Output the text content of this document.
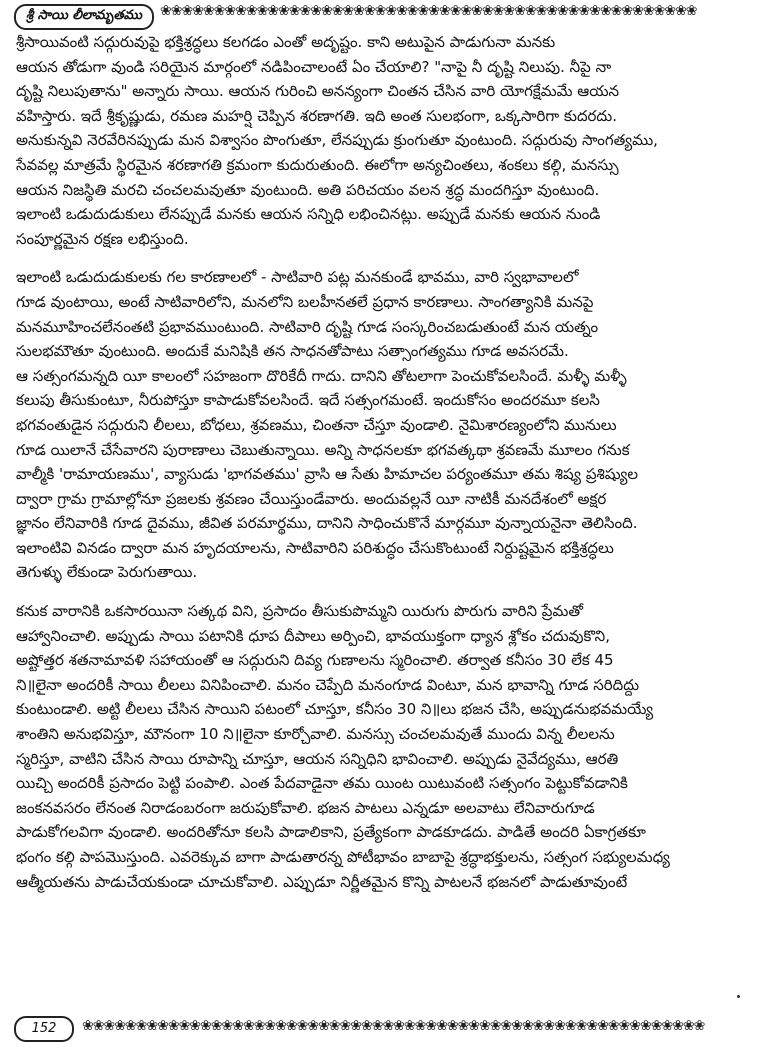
శ్రీ సాయి లీలామృతము	❀❀❀❀❀❀❀❀❀❀❀❀❀❀❀❀❀❀❀❀❀❀❀❀❀❀❀❀❀❀❀❀❀❀❀❀❀❀❀❀❀❀❀❀❀❀❀❀❀❀
శ్రీసాయివంటి సద్గురువుపై భక్తిశ్రద్ధలు కలగడం ఎంతో అదృష్టం. కాని అటుపైన పాడుగునా మనకు
ఆయన తోడుగా వుండి సరియైన మార్గంలో నడిపించాలంటే ఏం చేయాలి? "నాపై నీ దృష్టి నిలుపు. నీపై నా
దృష్టి నిలుపుతాను" అన్నారు సాయి. ఆయన గురించి అనన్యంగా చింతన చేసిన వారి యోగక్షేమమే ఆయన
వహిస్తారు. ఇదే శ్రీకృష్ణుడు, రమణ మహర్షి చెప్పిన శరణాగతి. ఇది అంత సులభంగా, ఒక్కసారిగా కుదరదు.
అనుకున్నవి నెరవేరినప్పుడు మన విశ్వాసం పొంగుతూ, లేనప్పుడు క్రుంగుతూ వుంటుంది. సద్గురువు సాంగత్యము,
సేవవల్ల మాత్రమే స్థిరమైన శరణాగతి క్రమంగా కుదురుతుంది. ఈలోగా అన్యచింతలు, శంకలు కల్గి, మనస్సు
ఆయన నిజస్థితి మరచి చంచలమవుతూ వుంటుంది. అతి పరిచయం వలన శ్రద్ధ మందగిస్తూ వుంటుంది.
ఇలాంటి ఒడుదుడుకులు లేనప్పుడే మనకు ఆయన సన్నిధి లభించినట్లు. అప్పుడే మనకు ఆయన నుండి
సంపూర్ణమైన రక్షణ లభిస్తుంది.
ఇలాంటి ఒడుదుడుకులకు గల కారణాలలో - సాటివారి పట్ల మనకుండే భావము, వారి స్వభావాలలో
గూడ వుంటాయి, అంటే సాటివారిలోని, మనలోని బలహీనతలే ప్రధాన కారణాలు. సాంగత్యానికి మనపై
మనమూహించలేనంతటి ప్రభావముంటుంది. సాటివారి దృష్టి గూడ సంస్కరించబడుతుంటే మన యత్నం
సులభమౌతూ వుంటుంది. అందుకే మనిషికి తన సాధనతోపాటు సత్సాంగత్యము గూడ అవసరమే.
ఆ సత్సంగమన్నది యీ కాలంలో సహజంగా దొరికేదీ గాదు. దానిని తోటలాగా పెంచుకోవలసిందే. మళ్ళీ మళ్ళీ
కలుపు తీసుకుంటూ, నీరుపోస్తూ కాపాడుకోవలసిందే. ఇదే సత్సంగమంటే. ఇందుకోసం అందరమూ కలసి
భగవంతుడైన సద్గురుని లీలలు, బోధలు, శ్రవణము, చింతనా చేస్తూ వుండాలి. నైమిశారణ్యంలోని మునులు
గూడ యిలానే చేసేవారని పురాణాలు చెబుతున్నాయి. అన్ని సాధనలకూ భగవత్కథా శ్రవణమే మూలం గనుక
వాల్మీకి 'రామాయణము', వ్యాసుడు 'భాగవతము' వ్రాసి ఆ సేతు హిమాచల పర్యంతమూ తమ శిష్య ప్రశిష్యుల
ద్వారా గ్రామ గ్రామాల్లోనూ ప్రజలకు శ్రవణం చేయిస్తుండేవారు. అందువల్లనే యీ నాటికీ మనదేశంలో అక్షర
జ్ఞానం లేనివారికి గూడ దైవము, జీవిత పరమార్థము, దానిని సాధించుకొనే మార్గమూ వున్నాయనైనా తెలిసింది.
ఇలాంటివి వినడం ద్వారా మన హృదయాలను, సాటివారిని పరిశుద్ధం చేసుకొంటుంటే నిర్దుష్టమైన భక్తిశ్రద్ధలు
తెగుళ్ళు లేకుండా పెరుగుతాయి.
కనుక వారానికి ఒకసారయినా సత్కథ విని, ప్రసాదం తీసుకుపొమ్మని యిరుగు పొరుగు వారిని ప్రేమతో
ఆహ్వానించాలి. అప్పుడు సాయి పటానికి ధూప దీపాలు అర్పించి, భావయుక్తంగా ధ్యాన శ్లోకం చదువుకొని,
అష్టోత్తర శతనామావళి సహాయంతో ఆ సద్గురుని దివ్య గుణాలను స్మరించాలి. తర్వాత కనీసం 30 లేక 45
ని॥లైనా అందరికీ సాయి లీలలు వినిపించాలి. మనం చెప్పేది మనంగూడ వింటూ, మన భావాన్ని గూడ సరిదిద్దు
కుంటుండాలి. అట్టి లీలలు చేసిన సాయిని పటంలో చూస్తూ, కనీసం 30 ని॥లు భజన చేసి, అప్పుడనుభవమయ్యే
శాంతిని అనుభవిస్తూ, మౌనంగా 10 ని॥లైనా కూర్చోవాలి. మనస్సు చంచలమవుతే ముందు విన్న లీలలను
స్మరిస్తూ, వాటిని చేసిన సాయి రూపాన్ని చూస్తూ, ఆయన సన్నిధిని భావించాలి. అప్పుడు నైవేద్యము, ఆరతి
యిచ్చి అందరికీ ప్రసాదం పెట్టి పంపాలి. ఎంత పేదవాడైనా తమ యింట యిటువంటి సత్సంగం పెట్టుకోవడానికి
జంకనవసరం లేనంత నిరాడంబరంగా జరుపుకోవాలి. భజన పాటలు ఎన్నడూ అలవాటు లేనివారుగూడ
పాడుకోగలవిగా వుండాలి. అందరితోనూ కలసి పాడాలికాని, ప్రత్యేకంగా పాడకూడదు. పాడితే అందరి ఏకాగ్రతకూ
భంగం కల్గి పాపమొస్తుంది. ఎవరెక్కువ బాగా పాడుతారన్న పోటీభావం బాబాపై శ్రద్ధాభక్తులను, సత్సంగ సభ్యులమధ్య
ఆత్మీయతను పాడుచేయకుండా చూచుకోవాలి. ఎప్పుడూ నిర్ణీతమైన కొన్ని పాటలనే భజనలో పాడుతూవుంటే
152	❀❀❀❀❀❀❀❀❀❀❀❀❀❀❀❀❀❀❀❀❀❀❀❀❀❀❀❀❀❀❀❀❀❀❀❀❀❀❀❀❀❀❀❀❀❀❀❀❀❀❀❀❀❀❀❀❀❀
